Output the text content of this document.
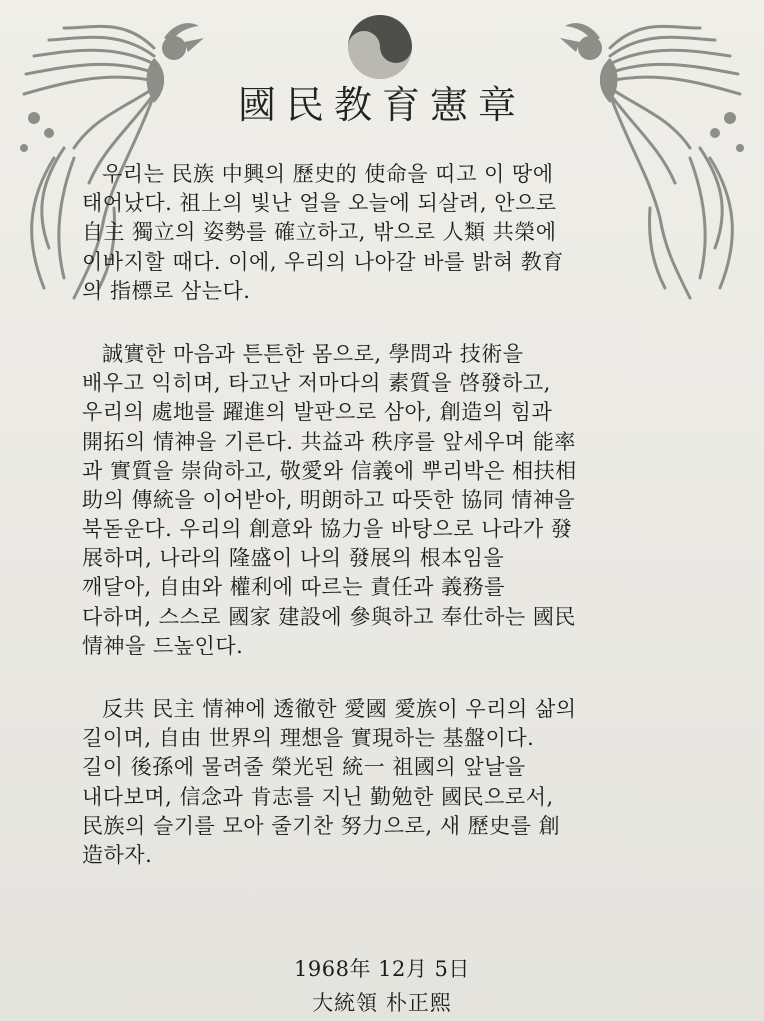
國民教育憲章

우리는 民族 中興의 歷史的 使命을 띠고 이 땅에
태어났다. 祖上의 빛난 얼을 오늘에 되살려, 안으로
自主 獨立의 姿勢를 確立하고, 밖으로 人類 共榮에
이바지할 때다. 이에, 우리의 나아갈 바를 밝혀 教育
의 指標로 삼는다.

誠實한 마음과 튼튼한 몸으로, 學問과 技術을
배우고 익히며, 타고난 저마다의 素質을 啓發하고,
우리의 處地를 躍進의 발판으로 삼아, 創造의 힘과
開拓의 情神을 기른다. 共益과 秩序를 앞세우며 能率
과 實質을 崇尙하고, 敬愛와 信義에 뿌리박은 相扶相
助의 傳統을 이어받아, 明朗하고 따뜻한 協同 情神을
북돋운다. 우리의 創意와 協力을 바탕으로 나라가 發
展하며, 나라의 隆盛이 나의 發展의 根本임을
깨달아, 自由와 權利에 따르는 責任과 義務를
다하며, 스스로 國家 建設에 參與하고 奉仕하는 國民
情神을 드높인다.

反共 民主 情神에 透徹한 愛國 愛族이 우리의 삶의
길이며, 自由 世界의 理想을 實現하는 基盤이다.
길이 後孫에 물려줄 榮光된 統一 祖國의 앞날을
내다보며, 信念과 肯志를 지닌 勤勉한 國民으로서,
民族의 슬기를 모아 줄기찬 努力으로, 새 歷史를 創
造하자.

1968年 12月 5日
大統領 朴正熙
